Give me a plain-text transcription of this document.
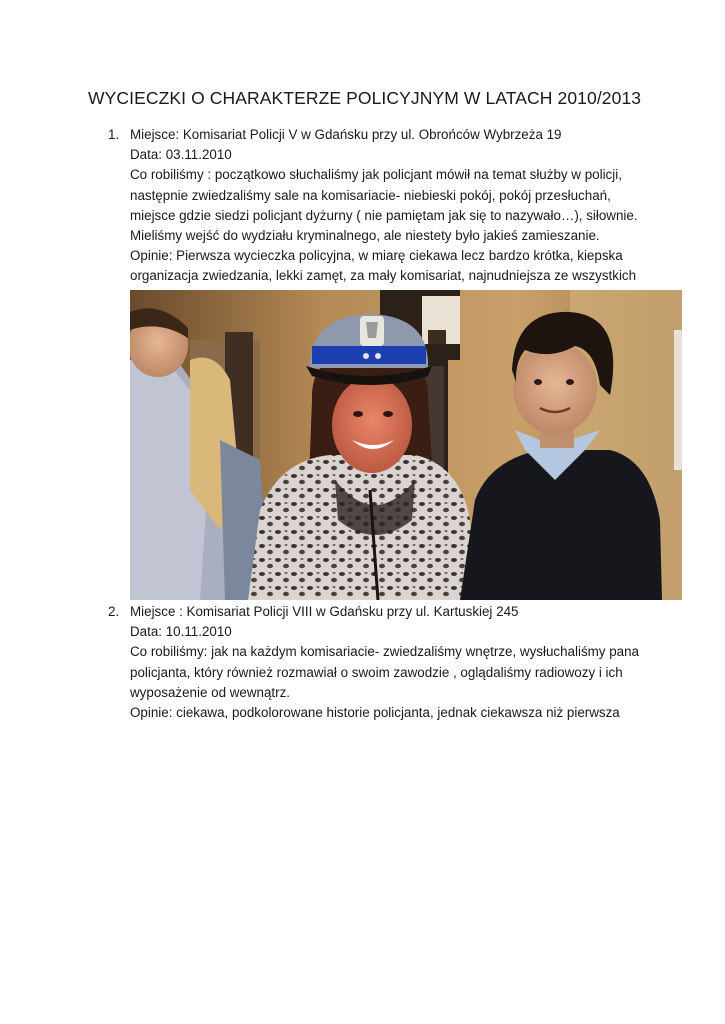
WYCIECZKI O CHARAKTERZE POLICYJNYM W LATACH 2010/2013
1. Miejsce: Komisariat Policji V w Gdańsku przy ul. Obrońców Wybrzeża 19
Data: 03.11.2010
Co robiliśmy : początkowo słuchaliśmy jak policjant mówił na temat służby w policji,
następnie zwiedzaliśmy sale na komisariacie- niebieski pokój, pokój przesłuchań,
miejsce gdzie siedzi policjant dyżurny ( nie pamiętam jak się to nazywało…), siłownie.
Mieliśmy wejść do wydziału kryminalnego, ale niestety było jakieś zamieszanie.
Opinie: Pierwsza wycieczka policyjna, w miarę ciekawa lecz bardzo krótka, kiepska
organizacja zwiedzania, lekki zamęt, za mały komisariat, najnudniejsza ze wszystkich
2. Miejsce : Komisariat Policji VIII w Gdańsku przy ul. Kartuskiej 245
Data: 10.11.2010
Co robiliśmy: jak na każdym komisariacie- zwiedzaliśmy wnętrze, wysłuchaliśmy pana
policjanta, który również rozmawiał o swoim zawodzie , oglądaliśmy radiowozy i ich
wyposażenie od wewnątrz.
Opinie: ciekawa, podkolorowane historie policjanta, jednak ciekawsza niż pierwsza
